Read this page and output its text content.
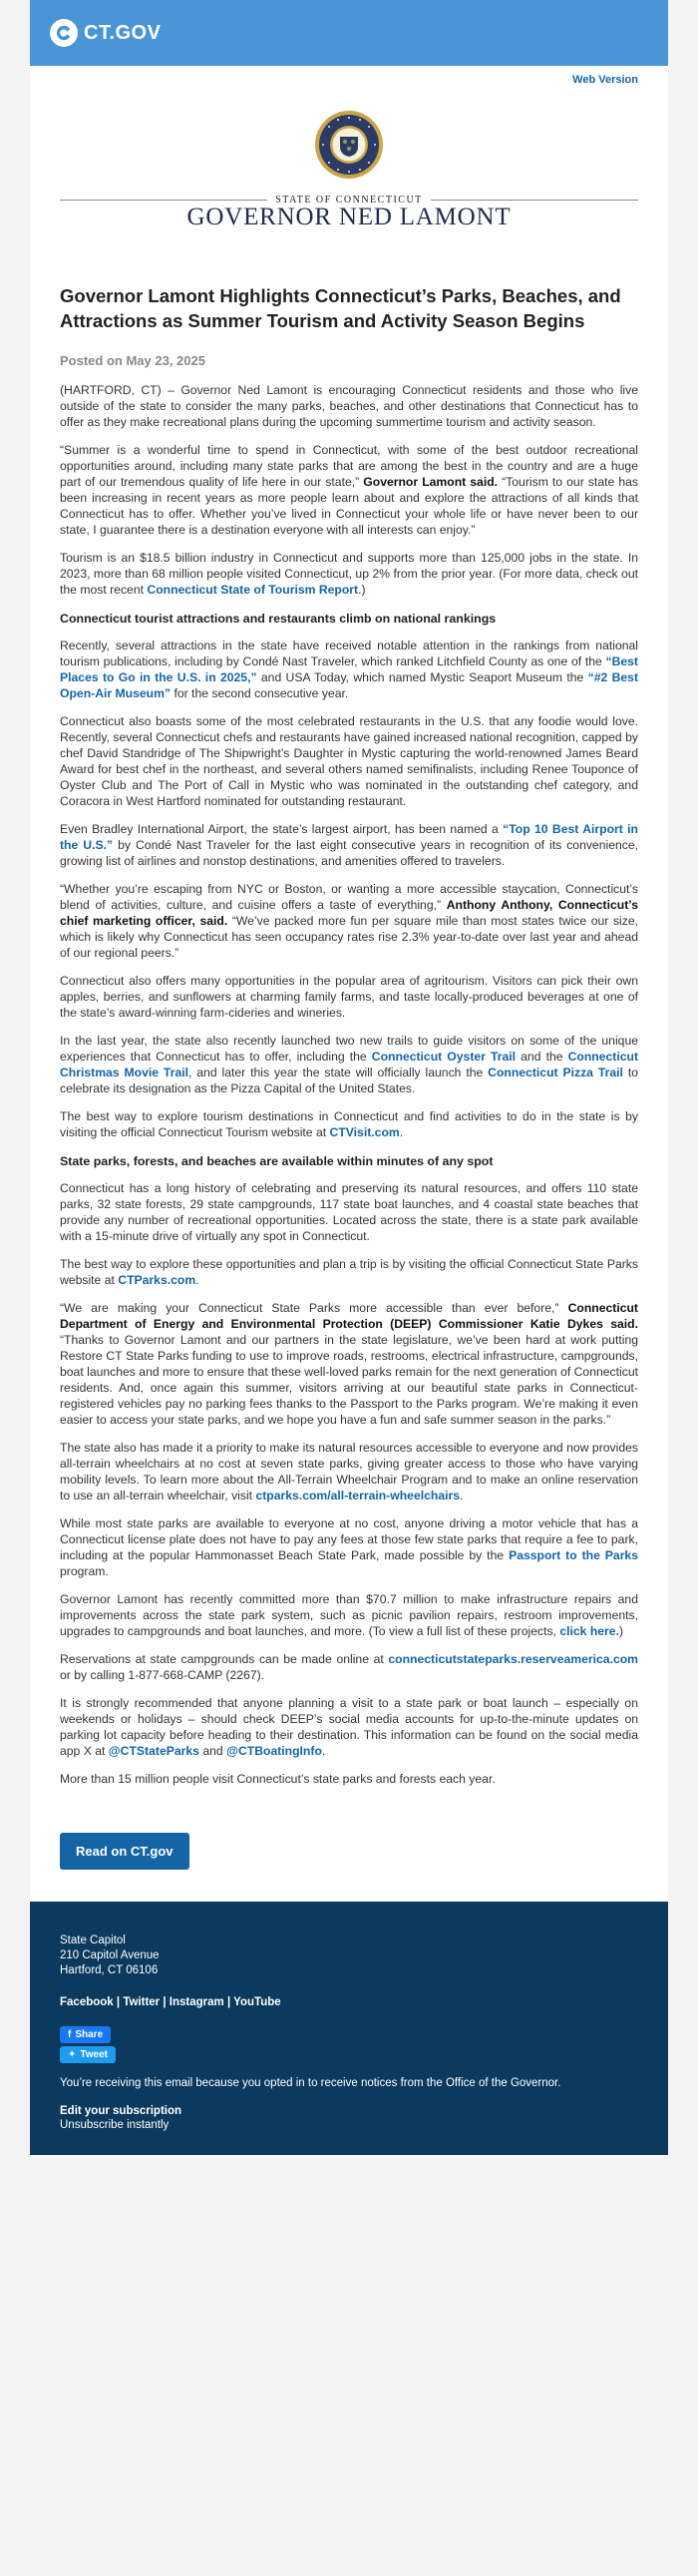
CT.GOV
Web Version
STATE OF CONNECTICUT
GOVERNOR NED LAMONT
Governor Lamont Highlights Connecticut’s Parks, Beaches, and Attractions as Summer Tourism and Activity Season Begins
Posted on May 23, 2025

(HARTFORD, CT) – Governor Ned Lamont is encouraging Connecticut residents and those who live outside of the state to consider the many parks, beaches, and other destinations that Connecticut has to offer as they make recreational plans during the upcoming summertime tourism and activity season.

“Summer is a wonderful time to spend in Connecticut, with some of the best outdoor recreational opportunities around, including many state parks that are among the best in the country and are a huge part of our tremendous quality of life here in our state,” Governor Lamont said. “Tourism to our state has been increasing in recent years as more people learn about and explore the attractions of all kinds that Connecticut has to offer. Whether you’ve lived in Connecticut your whole life or have never been to our state, I guarantee there is a destination everyone with all interests can enjoy.”

Tourism is an $18.5 billion industry in Connecticut and supports more than 125,000 jobs in the state. In 2023, more than 68 million people visited Connecticut, up 2% from the prior year. (For more data, check out the most recent Connecticut State of Tourism Report.)

Connecticut tourist attractions and restaurants climb on national rankings

Recently, several attractions in the state have received notable attention in the rankings from national tourism publications, including by Condé Nast Traveler, which ranked Litchfield County as one of the “Best Places to Go in the U.S. in 2025,” and USA Today, which named Mystic Seaport Museum the “#2 Best Open-Air Museum” for the second consecutive year.

Connecticut also boasts some of the most celebrated restaurants in the U.S. that any foodie would love. Recently, several Connecticut chefs and restaurants have gained increased national recognition, capped by chef David Standridge of The Shipwright’s Daughter in Mystic capturing the world-renowned James Beard Award for best chef in the northeast, and several others named semifinalists, including Renee Touponce of Oyster Club and The Port of Call in Mystic who was nominated in the outstanding chef category, and Coracora in West Hartford nominated for outstanding restaurant.

Even Bradley International Airport, the state’s largest airport, has been named a “Top 10 Best Airport in the U.S.” by Condé Nast Traveler for the last eight consecutive years in recognition of its convenience, growing list of airlines and nonstop destinations, and amenities offered to travelers.

“Whether you’re escaping from NYC or Boston, or wanting a more accessible staycation, Connecticut’s blend of activities, culture, and cuisine offers a taste of everything,” Anthony Anthony, Connecticut’s chief marketing officer, said. “We’ve packed more fun per square mile than most states twice our size, which is likely why Connecticut has seen occupancy rates rise 2.3% year-to-date over last year and ahead of our regional peers.”

Connecticut also offers many opportunities in the popular area of agritourism. Visitors can pick their own apples, berries, and sunflowers at charming family farms, and taste locally-produced beverages at one of the state’s award-winning farm-cideries and wineries.

In the last year, the state also recently launched two new trails to guide visitors on some of the unique experiences that Connecticut has to offer, including the Connecticut Oyster Trail and the Connecticut Christmas Movie Trail, and later this year the state will officially launch the Connecticut Pizza Trail to celebrate its designation as the Pizza Capital of the United States.

The best way to explore tourism destinations in Connecticut and find activities to do in the state is by visiting the official Connecticut Tourism website at CTVisit.com.

State parks, forests, and beaches are available within minutes of any spot

Connecticut has a long history of celebrating and preserving its natural resources, and offers 110 state parks, 32 state forests, 29 state campgrounds, 117 state boat launches, and 4 coastal state beaches that provide any number of recreational opportunities. Located across the state, there is a state park available with a 15-minute drive of virtually any spot in Connecticut.

The best way to explore these opportunities and plan a trip is by visiting the official Connecticut State Parks website at CTParks.com.

“We are making your Connecticut State Parks more accessible than ever before,” Connecticut Department of Energy and Environmental Protection (DEEP) Commissioner Katie Dykes said. “Thanks to Governor Lamont and our partners in the state legislature, we’ve been hard at work putting Restore CT State Parks funding to use to improve roads, restrooms, electrical infrastructure, campgrounds, boat launches and more to ensure that these well-loved parks remain for the next generation of Connecticut residents. And, once again this summer, visitors arriving at our beautiful state parks in Connecticut-registered vehicles pay no parking fees thanks to the Passport to the Parks program. We’re making it even easier to access your state parks, and we hope you have a fun and safe summer season in the parks.”

The state also has made it a priority to make its natural resources accessible to everyone and now provides all-terrain wheelchairs at no cost at seven state parks, giving greater access to those who have varying mobility levels. To learn more about the All-Terrain Wheelchair Program and to make an online reservation to use an all-terrain wheelchair, visit ctparks.com/all-terrain-wheelchairs.

While most state parks are available to everyone at no cost, anyone driving a motor vehicle that has a Connecticut license plate does not have to pay any fees at those few state parks that require a fee to park, including at the popular Hammonasset Beach State Park, made possible by the Passport to the Parks program.

Governor Lamont has recently committed more than $70.7 million to make infrastructure repairs and improvements across the state park system, such as picnic pavilion repairs, restroom improvements, upgrades to campgrounds and boat launches, and more. (To view a full list of these projects, click here.)

Reservations at state campgrounds can be made online at connecticutstateparks.reserveamerica.com or by calling 1-877-668-CAMP (2267).

It is strongly recommended that anyone planning a visit to a state park or boat launch – especially on weekends or holidays – should check DEEP’s social media accounts for up-to-the-minute updates on parking lot capacity before heading to their destination. This information can be found on the social media app X at @CTStateParks and @CTBoatingInfo.

More than 15 million people visit Connecticut’s state parks and forests each year.

Read on CT.gov
State Capitol
210 Capitol Avenue
Hartford, CT 06106
Facebook | Twitter | Instagram | YouTube
f Share
✦ Tweet
You’re receiving this email because you opted in to receive notices from the Office of the Governor.
Edit your subscription
Unsubscribe instantly
